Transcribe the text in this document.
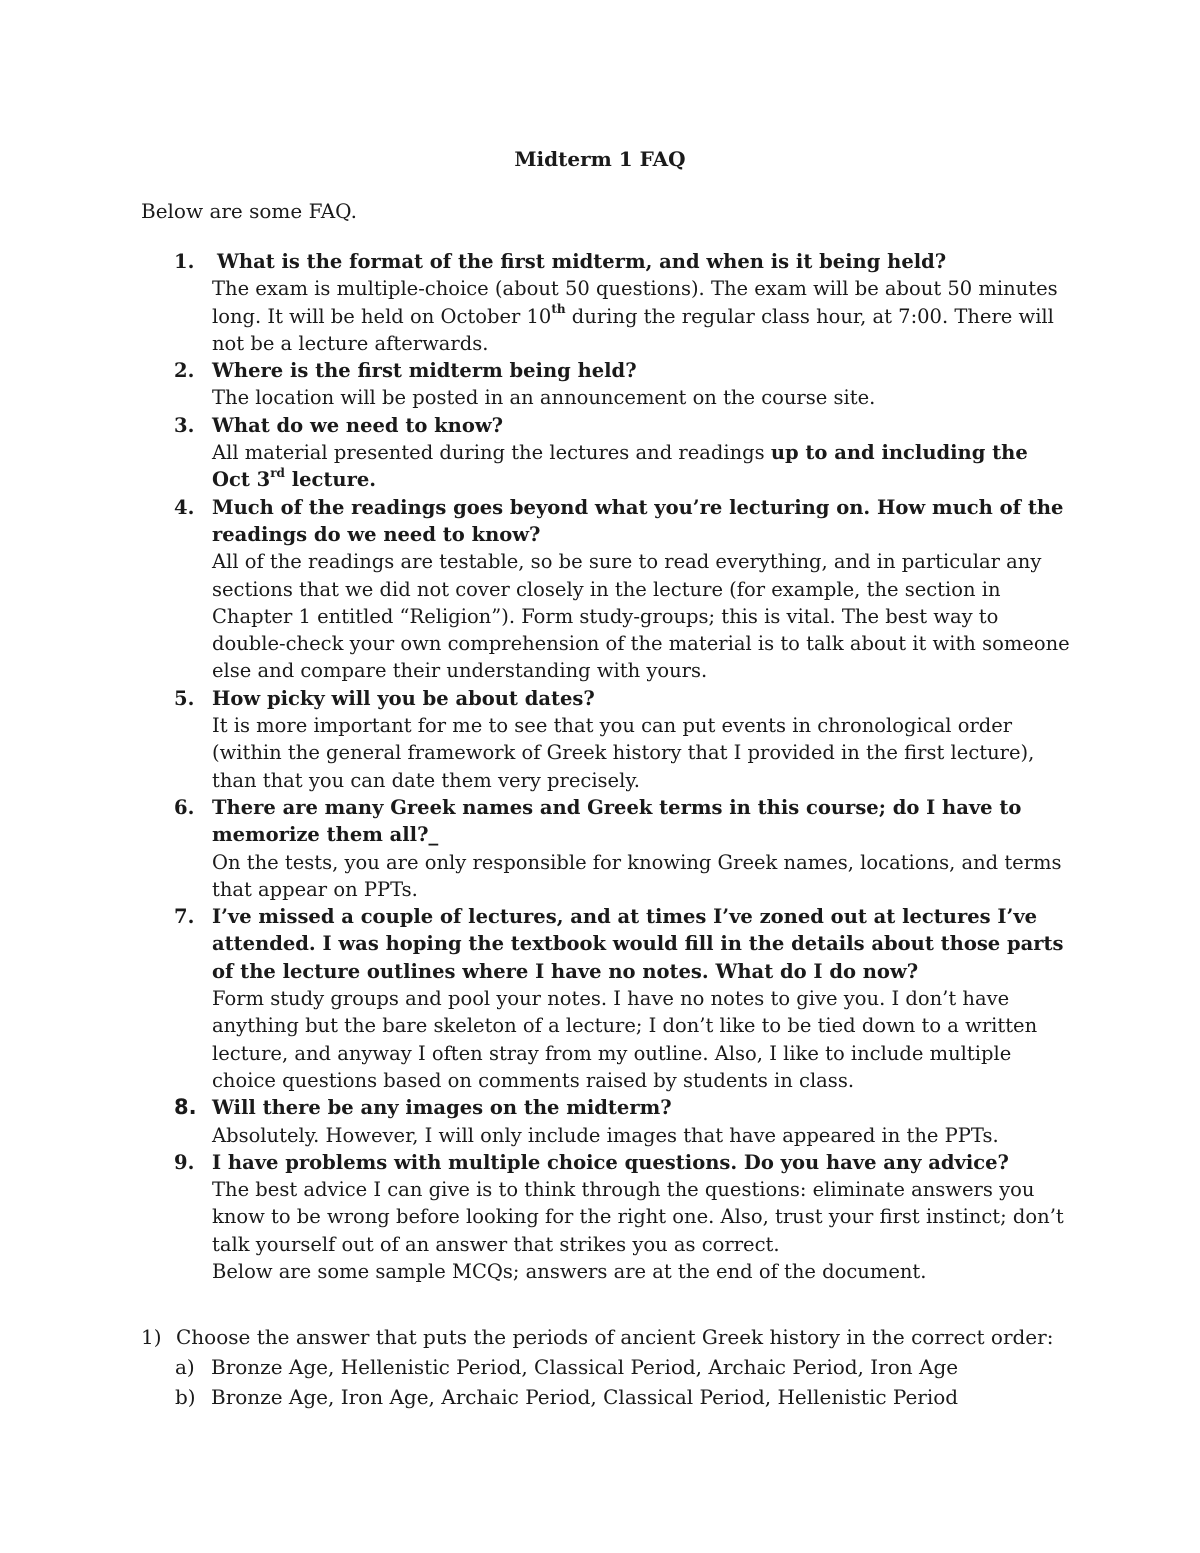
Midterm 1 FAQ

Below are some FAQ.

1. What is the format of the first midterm, and when is it being held?
The exam is multiple-choice (about 50 questions). The exam will be about 50 minutes long. It will be held on October 10th during the regular class hour, at 7:00. There will not be a lecture afterwards.
2. Where is the first midterm being held?
The location will be posted in an announcement on the course site.
3. What do we need to know?
All material presented during the lectures and readings up to and including the Oct 3rd lecture.
4. Much of the readings goes beyond what you’re lecturing on. How much of the readings do we need to know?
All of the readings are testable, so be sure to read everything, and in particular any sections that we did not cover closely in the lecture (for example, the section in Chapter 1 entitled “Religion”). Form study-groups; this is vital. The best way to double-check your own comprehension of the material is to talk about it with someone else and compare their understanding with yours.
5. How picky will you be about dates?
It is more important for me to see that you can put events in chronological order (within the general framework of Greek history that I provided in the first lecture), than that you can date them very precisely.
6. There are many Greek names and Greek terms in this course; do I have to memorize them all?_
On the tests, you are only responsible for knowing Greek names, locations, and terms that appear on PPTs.
7. I’ve missed a couple of lectures, and at times I’ve zoned out at lectures I’ve attended. I was hoping the textbook would fill in the details about those parts of the lecture outlines where I have no notes. What do I do now?
Form study groups and pool your notes. I have no notes to give you. I don’t have anything but the bare skeleton of a lecture; I don’t like to be tied down to a written lecture, and anyway I often stray from my outline. Also, I like to include multiple choice questions based on comments raised by students in class.
8. Will there be any images on the midterm?
Absolutely. However, I will only include images that have appeared in the PPTs.
9. I have problems with multiple choice questions. Do you have any advice?
The best advice I can give is to think through the questions: eliminate answers you know to be wrong before looking for the right one. Also, trust your first instinct; don’t talk yourself out of an answer that strikes you as correct.
Below are some sample MCQs; answers are at the end of the document.
1) Choose the answer that puts the periods of ancient Greek history in the correct order:
a) Bronze Age, Hellenistic Period, Classical Period, Archaic Period, Iron Age
b) Bronze Age, Iron Age, Archaic Period, Classical Period, Hellenistic Period
